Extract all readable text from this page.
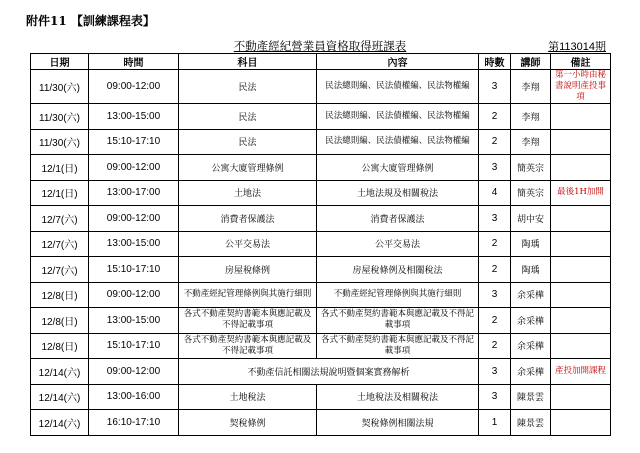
附件11 【訓練課程表】
不動產經紀營業員資格取得班課表	第113014期
日期	時間	科目	內容	時數	講師	備註
11/30(六)	09:00-12:00	民法	民法總則編、民法債權編、民法物權編	3	李翔	第一小時由秘書說明產投事項
11/30(六)	13:00-15:00	民法	民法總則編、民法債權編、民法物權編	2	李翔	
11/30(六)	15:10-17:10	民法	民法總則編、民法債權編、民法物權編	2	李翔	
12/1(日)	09:00-12:00	公寓大廈管理條例	公寓大廈管理條例	3	簡英宗	
12/1(日)	13:00-17:00	土地法	土地法規及相關稅法	4	簡英宗	最後1H加開
12/7(六)	09:00-12:00	消費者保護法	消費者保護法	3	胡中安	
12/7(六)	13:00-15:00	公平交易法	公平交易法	2	陶瑀	
12/7(六)	15:10-17:10	房屋稅條例	房屋稅條例及相關稅法	2	陶瑀	
12/8(日)	09:00-12:00	不動產經紀管理條例與其施行細則	不動產經紀管理條例與其施行細則	3	余采樺	
12/8(日)	13:00-15:00	各式不動產契約書範本與應記載及不得記載事項	各式不動產契約書範本與應記載及不得記載事項	2	余采樺	
12/8(日)	15:10-17:10	各式不動產契約書範本與應記載及不得記載事項	各式不動產契約書範本與應記載及不得記載事項	2	余采樺	
12/14(六)	09:00-12:00	不動產信託相關法規說明暨個案實務解析		3	余采樺	產投加開課程
12/14(六)	13:00-16:00	土地稅法	土地稅法及相關稅法	3	陳景雲	
12/14(六)	16:10-17:10	契稅條例	契稅條例相關法規	1	陳景雲	
